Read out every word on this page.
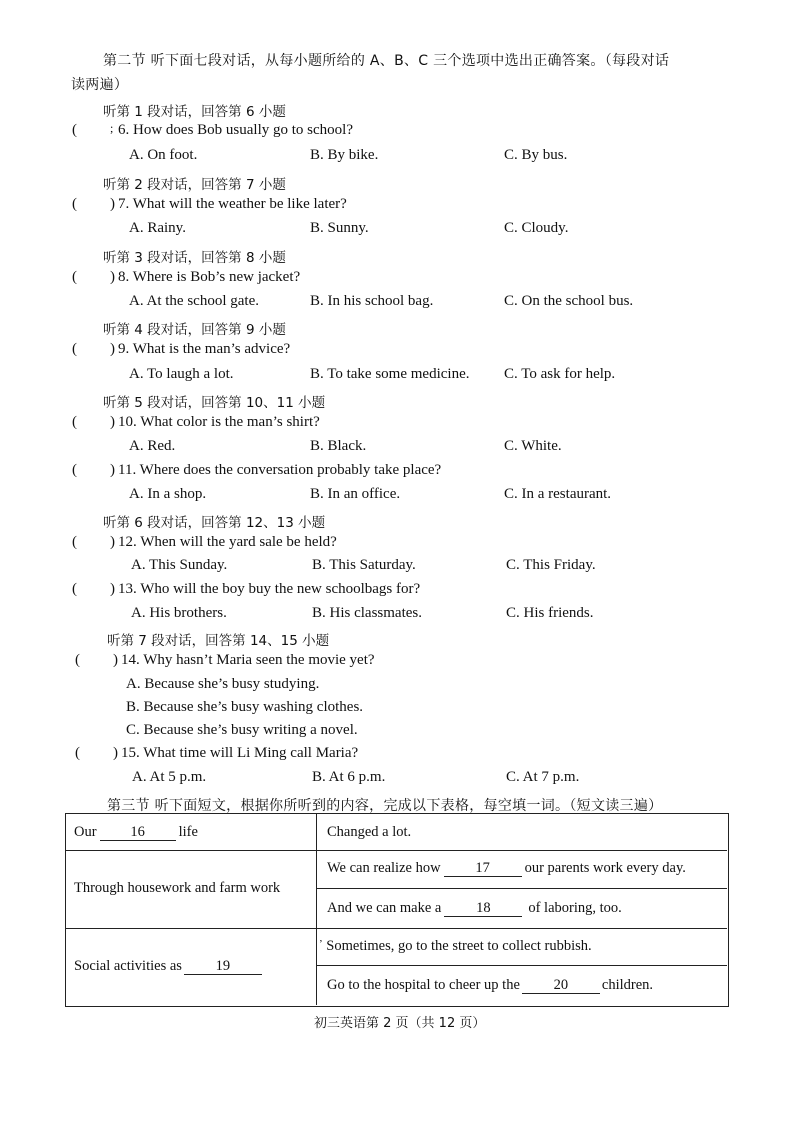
第二节 听下面七段对话，从每小题所给的 A、B、C 三个选项中选出正确答案。（每段对话
读两遍）
听第 1 段对话，回答第 6 小题
(	; 6. How does Bob usually go to school?
A. On foot.	B. By bike.	C. By bus.
听第 2 段对话，回答第 7 小题
( ) 7. What will the weather be like later?
A. Rainy.	B. Sunny.	C. Cloudy.
听第 3 段对话，回答第 8 小题
( ) 8. Where is Bob’s new jacket?
A. At the school gate.	B. In his school bag.	C. On the school bus.
听第 4 段对话，回答第 9 小题
( ) 9. What is the man’s advice?
A. To laugh a lot.	B. To take some medicine. C. To ask for help.
听第 5 段对话，回答第 10、11 小题
( ) 10. What color is the man’s shirt?
A. Red.	B. Black.	C. White.
( ) 11. Where does the conversation probably take place?
A. In a shop.	B. In an office.	C. In a restaurant.
听第 6 段对话，回答第 12、13 小题
( ) 12. When will the yard sale be held?
A. This Sunday.	B. This Saturday.	C. This Friday.
( ) 13. Who will the boy buy the new schoolbags for?
A. His brothers.	B. His classmates.	C. His friends.
听第 7 段对话，回答第 14、15 小题
( ) 14. Why hasn’t Maria seen the movie yet?
A. Because she’s busy studying.
B. Because she’s busy washing clothes.
C. Because she’s busy writing a novel.
( ) 15. What time will Li Ming call Maria?
A. At 5 p.m.	B. At 6 p.m.	C. At 7 p.m.
第三节 听下面短文，根据你所听到的内容，完成以下表格，每空填一词。（短文读三遍）
Our 16 life	Changed a lot.
Through housework and farm work
We can realize how 17 our parents work every day.
And we can make a 18	of laboring, too.
Social activities as 19
’ Sometimes, go to the street to collect rubbish.
Go to the hospital to cheer up the 20 children.
初三英语第 2 页（共 12 页）
